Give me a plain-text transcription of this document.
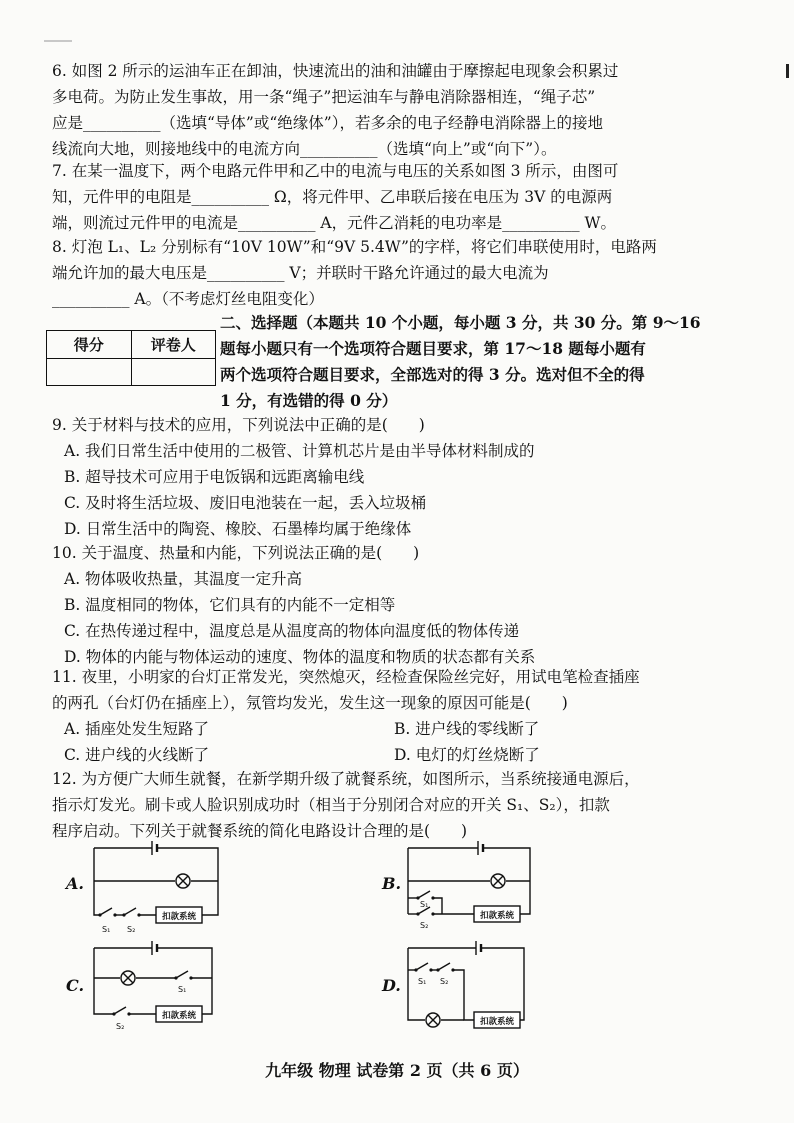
6. 如图 2 所示的运油车正在卸油，快速流出的油和油罐由于摩擦起电现象会积累过
多电荷。为防止发生事故，用一条“绳子”把运油车与静电消除器相连，“绳子芯”
应是__________（选填“导体”或“绝缘体”），若多余的电子经静电消除器上的接地
线流向大地，则接地线中的电流方向__________（选填“向上”或“向下”）。
7. 在某一温度下，两个电路元件甲和乙中的电流与电压的关系如图 3 所示，由图可
知，元件甲的电阻是__________ Ω，将元件甲、乙串联后接在电压为 3V 的电源两
端，则流过元件甲的电流是__________ A，元件乙消耗的电功率是__________ W。
8. 灯泡 L₁、L₂ 分别标有“10V 10W”和“9V 5.4W”的字样，将它们串联使用时，电路两
端允许加的最大电压是__________ V；并联时干路允许通过的最大电流为
__________ A。（不考虑灯丝电阻变化）
得分	评卷人
二、选择题（本题共 10 个小题，每小题 3 分，共 30 分。第 9～16
题每小题只有一个选项符合题目要求，第 17～18 题每小题有
两个选项符合题目要求，全部选对的得 3 分。选对但不全的得
1 分，有选错的得 0 分）
9. 关于材料与技术的应用，下列说法中正确的是(　　)
A. 我们日常生活中使用的二极管、计算机芯片是由半导体材料制成的
B. 超导技术可应用于电饭锅和远距离输电线
C. 及时将生活垃圾、废旧电池装在一起，丢入垃圾桶
D. 日常生活中的陶瓷、橡胶、石墨棒均属于绝缘体
10. 关于温度、热量和内能，下列说法正确的是(　　)
A. 物体吸收热量，其温度一定升高
B. 温度相同的物体，它们具有的内能不一定相等
C. 在热传递过程中，温度总是从温度高的物体向温度低的物体传递
D. 物体的内能与物体运动的速度、物体的温度和物质的状态都有关系
11. 夜里，小明家的台灯正常发光，突然熄灭，经检查保险丝完好，用试电笔检查插座
的两孔（台灯仍在插座上），氖管均发光，发生这一现象的原因可能是(　　)
A. 插座处发生短路了	B. 进户线的零线断了
C. 进户线的火线断了	D. 电灯的灯丝烧断了
12. 为方便广大师生就餐，在新学期升级了就餐系统，如图所示，当系统接通电源后，
指示灯发光。刷卡或人脸识别成功时（相当于分别闭合对应的开关 S₁、S₂），扣款
程序启动。下列关于就餐系统的简化电路设计合理的是(　　)
A.
扣款系统
S₁ S₂
B.
扣款系统
S₁
S₂
C.
扣款系统
S₁
S₂
D.
扣款系统
S₁ S₂
九年级 物理 试卷第 2 页（共 6 页）
